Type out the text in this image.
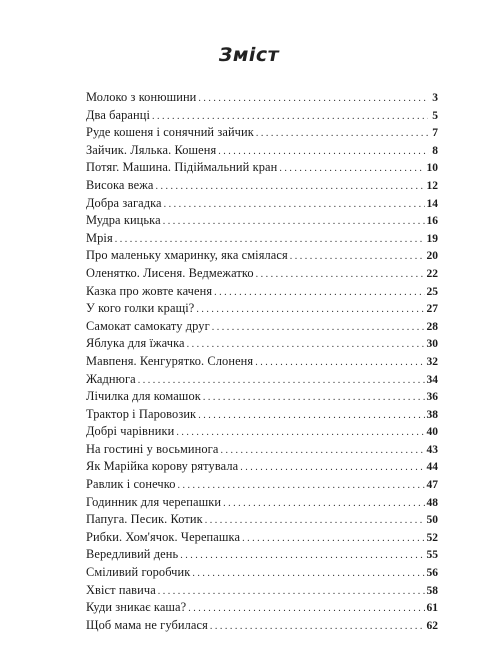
Зміст
Молоко з конюшини . . .	3
Два баранці . . .	5
Руде кошеня і сонячний зайчик . . .	7
Зайчик. Лялька. Кошеня . . .	8
Потяг. Машина. Підіймальний кран . . .	10
Висока вежа . . .	12
Добра загадка . . .	14
Мудра кицька . . .	16
Мрія . . .	19
Про маленьку хмаринку, яка сміялася . . .	20
Оленятко. Лисеня. Ведмежатко . . .	22
Казка про жовте каченя . . .	25
У кого голки кращі? . . .	27
Самокат самокату друг . . .	28
Яблука для їжачка . . .	30
Мавпеня. Кенгурятко. Слоненя . . .	32
Жаднюга . . .	34
Лічилка для комашок . . .	36
Трактор і Паровозик . . .	38
Добрі чарівники . . .	40
На гостині у восьминога . . .	43
Як Марійка корову рятувала . . .	44
Равлик і сонечко . . .	47
Годинник для черепашки . . .	48
Папуга. Песик. Котик . . .	50
Рибки. Хом'ячок. Черепашка . . .	52
Вередливий день . . .	55
Сміливий горобчик . . .	56
Хвіст павича . . .	58
Куди зникає каша? . . .	61
Щоб мама не губилася . . .	62
